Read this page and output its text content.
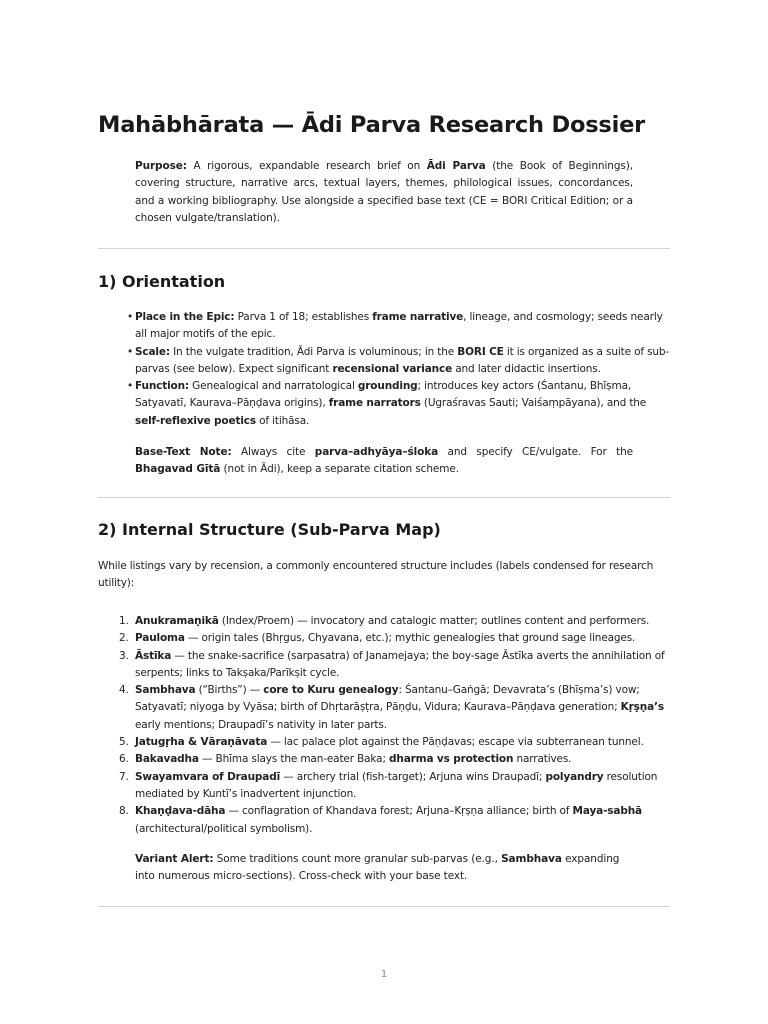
Mahābhārata — Ādi Parva Research Dossier
Purpose: A rigorous, expandable research brief on Ādi Parva (the Book of Beginnings), covering structure, narrative arcs, textual layers, themes, philological issues, concordances, and a working bibliography. Use alongside a specified base text (CE = BORI Critical Edition; or a chosen vulgate/translation).
1) Orientation
• Place in the Epic: Parva 1 of 18; establishes frame narrative, lineage, and cosmology; seeds nearly all major motifs of the epic.
• Scale: In the vulgate tradition, Ādi Parva is voluminous; in the BORI CE it is organized as a suite of sub-parvas (see below). Expect significant recensional variance and later didactic insertions.
• Function: Genealogical and narratological grounding; introduces key actors (Śantanu, Bhīṣma, Satyavatī, Kaurava–Pāṇḍava origins), frame narrators (Ugraśravas Sauti; Vaiśaṃpāyana), and the self-reflexive poetics of itihāsa.
Base-Text Note: Always cite parva–adhyāya–śloka and specify CE/vulgate. For the Bhagavad Gītā (not in Ādi), keep a separate citation scheme.
2) Internal Structure (Sub-Parva Map)
While listings vary by recension, a commonly encountered structure includes (labels condensed for research utility):
1. Anukramaṇikā (Index/Proem) — invocatory and catalogic matter; outlines content and performers.
2. Pauloma — origin tales (Bhṛgus, Chyavana, etc.); mythic genealogies that ground sage lineages.
3. Āstīka — the snake-sacrifice (sarpasatra) of Janamejaya; the boy-sage Āstīka averts the annihilation of serpents; links to Takṣaka/Parīkṣit cycle.
4. Sambhava (“Births”) — core to Kuru genealogy: Śantanu–Gaṅgā; Devavrata’s (Bhīṣma’s) vow; Satyavatī; niyoga by Vyāsa; birth of Dhṛtarāṣṭra, Pāṇḍu, Vidura; Kaurava–Pāṇḍava generation; Kṛṣṇa’s early mentions; Draupadī’s nativity in later parts.
5. Jatugṛha & Vāraṇāvata — lac palace plot against the Pāṇḍavas; escape via subterranean tunnel.
6. Bakavadha — Bhīma slays the man-eater Baka; dharma vs protection narratives.
7. Swayamvara of Draupadī — archery trial (fish-target); Arjuna wins Draupadī; polyandry resolution mediated by Kuntī’s inadvertent injunction.
8. Khaṇḍava-dāha — conflagration of Khandava forest; Arjuna–Kṛṣṇa alliance; birth of Maya-sabhā (architectural/political symbolism).
Variant Alert: Some traditions count more granular sub-parvas (e.g., Sambhava expanding into numerous micro-sections). Cross-check with your base text.
1
